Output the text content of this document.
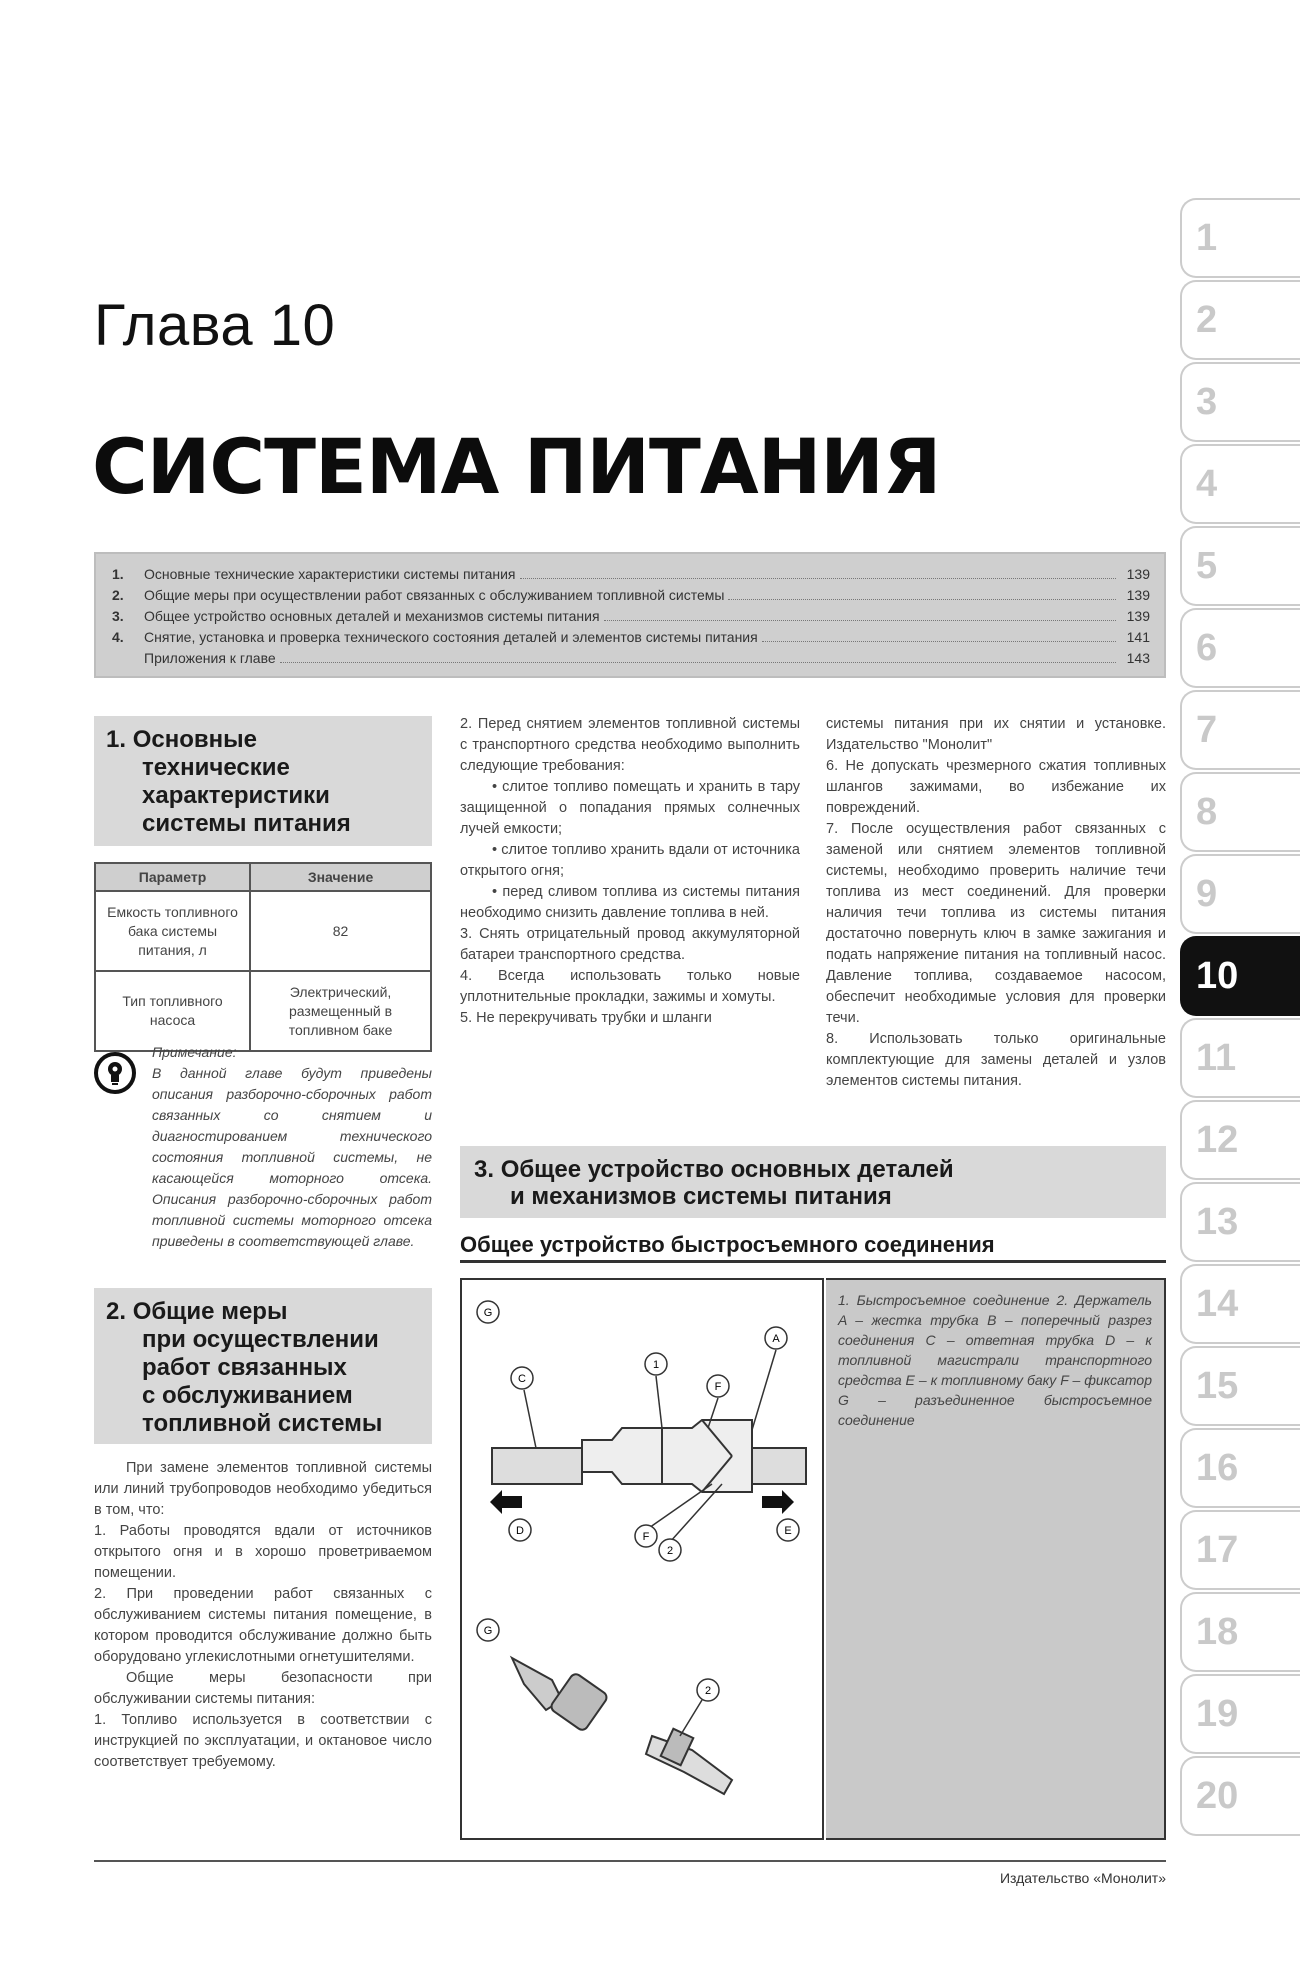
Глава 10
СИСТЕМА ПИТАНИЯ
1
2
3
4
5
6
7
8
9
10
11
12
13
14
15
16
17
18
19
20
1.	Основные технические характеристики системы питания	139
2.	Общие меры при осуществлении работ связанных с обслуживанием топливной системы	139
3.	Общее устройство основных деталей и механизмов системы питания	139
4.	Снятие, установка и проверка технического состояния деталей и элементов системы питания	141
Приложения к главе	143
1. Основные
технические
характеристики
системы питания
Параметр	Значение
Емкость топливного бака системы питания, л	82
Тип топливного насоса	Электрический, размещенный в топливном баке
Примечание:
В данной главе будут приведены описания разборочно-сборочных работ связанных со снятием и диагностированием технического состояния топливной системы, не касающейся моторного отсека. Описания разборочно-сборочных работ топливной системы моторного отсека приведены в соответствующей главе.
2. Общие меры
при осуществлении
работ связанных
с обслуживанием
топливной системы

При замене элементов топливной системы или линий трубопроводов необходимо убедиться в том, что:

1. Работы проводятся вдали от источников открытого огня и в хорошо проветриваемом помещении.

2. При проведении работ связанных с обслуживанием системы питания помещение, в котором проводится обслуживание должно быть оборудовано углекислотными огнетушителями.

Общие меры безопасности при обслуживании системы питания:

1. Топливо используется в соответствии с инструкцией по эксплуатации, и октановое число соответствует требуемому.

2. Перед снятием элементов топливной системы с транспортного средства необходимо выполнить следующие требования:

• слитое топливо помещать и хранить в тару защищенной о попадания прямых солнечных лучей емкости;

• слитое топливо хранить вдали от источника открытого огня;

• перед сливом топлива из системы питания необходимо снизить давление топлива в ней.

3. Снять отрицательный провод аккумуляторной батареи транспортного средства.

4. Всегда использовать только новые уплотнительные прокладки, зажимы и хомуты.

5. Не перекручивать трубки и шланги

системы питания при их снятии и установке. Издательство "Монолит"

6. Не допускать чрезмерного сжатия топливных шлангов зажимами, во избежание их повреждений.

7. После осуществления работ связанных с заменой или снятием элементов топливной системы, необходимо проверить наличие течи топлива из мест соединений. Для проверки наличия течи топлива из системы питания достаточно повернуть ключ в замке зажигания и подать напряжение питания на топливный насос. Давление топлива, создаваемое насосом, обеспечит необходимые условия для проверки течи.

8. Использовать только оригинальные комплектующие для замены деталей и узлов элементов системы питания.

3. Общее устройство основных деталей
и механизмов системы питания
Общее устройство быстросъемного соединения
G
1
A
C
F
D	F
2
E
G
2
1. Быстросъемное соединение 2. Держатель A – жестка трубка B – поперечный разрез соединения C – ответная трубка D – к топливной магистрали транспортного средства E – к топливному баку F – фиксатор G – разъединенное быстросъемное соединение
Издательство «Монолит»
